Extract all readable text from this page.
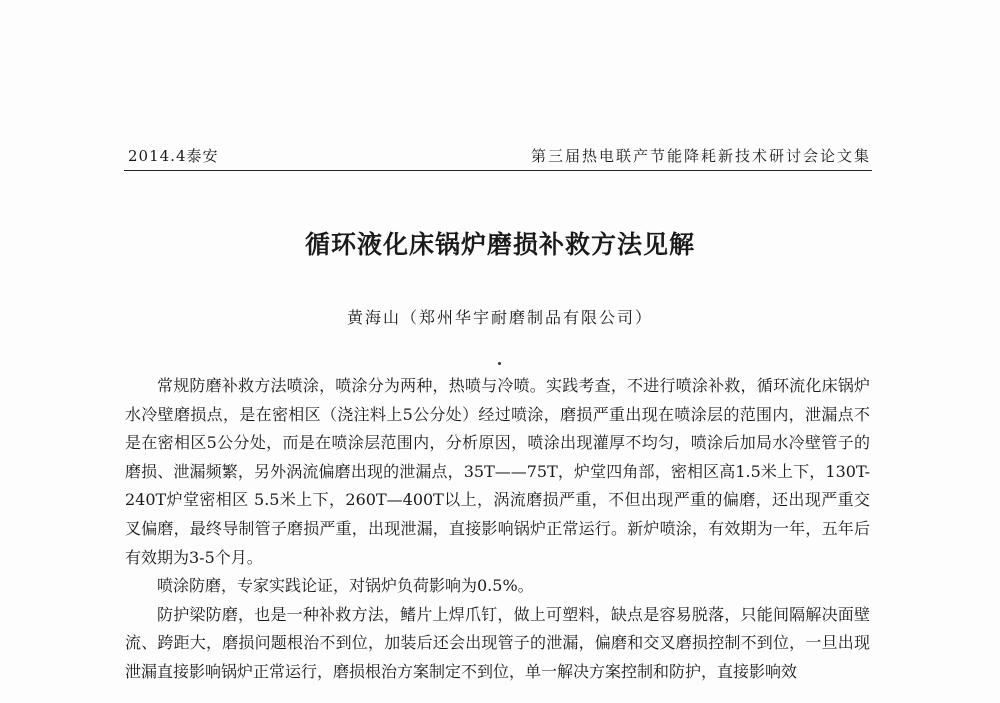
2014.4泰安	第三届热电联产节能降耗新技术研讨会论文集
循环液化床锅炉磨损补救方法见解
黄海山（郑州华宇耐磨制品有限公司）

常规防磨补救方法喷涂，喷涂分为两种，热喷与冷喷。实践考查，不进行喷涂补救，循环流化床锅炉水冷壁磨损点，是在密相区（浇注料上5公分处）经过喷涂，磨损严重出现在喷涂层的范围内，泄漏点不是在密相区5公分处，而是在喷涂层范围内，分析原因，喷涂出现灌厚不均匀，喷涂后加局水冷壁管子的磨损、泄漏频繁，另外涡流偏磨出现的泄漏点，35T——75T，炉堂四角部，密相区高1.5米上下，130T-240T炉堂密相区 5.5米上下，260T—400T以上，涡流磨损严重，不但出现严重的偏磨，还出现严重交叉偏磨，最终导制管子磨损严重，出现泄漏，直接影响锅炉正常运行。新炉喷涂，有效期为一年，五年后有效期为3-5个月。

喷涂防磨，专家实践论证，对锅炉负荷影响为0.5%。

防护梁防磨，也是一种补救方法，鳍片上焊爪钉，做上可塑料，缺点是容易脱落，只能间隔解决面壁流、跨距大，磨损问题根治不到位，加装后还会出现管子的泄漏，偏磨和交叉磨损控制不到位，一旦出现泄漏直接影响锅炉正常运行，磨损根治方案制定不到位，单一解决方案控制和防护，直接影响效
